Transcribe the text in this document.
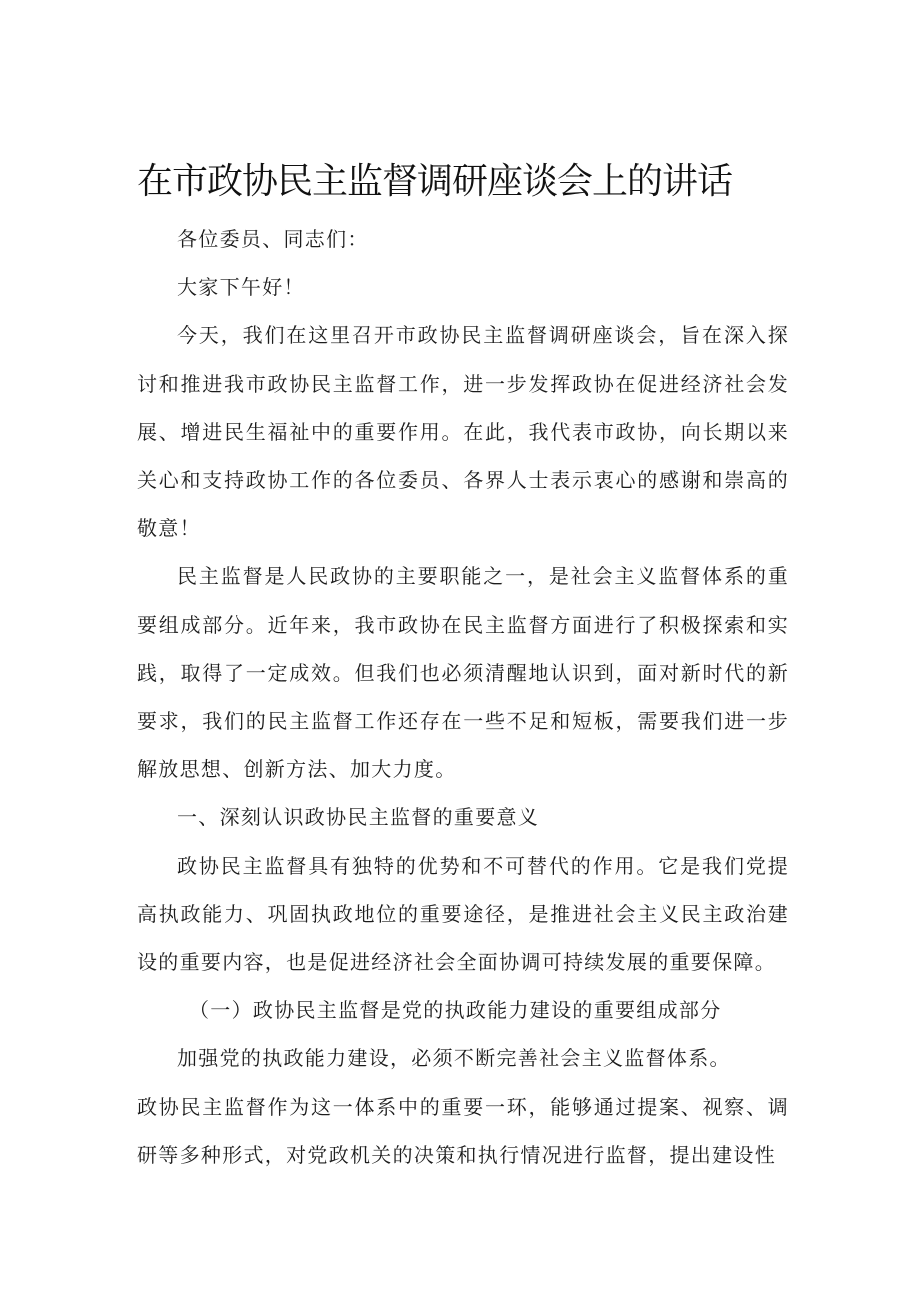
在市政协民主监督调研座谈会上的讲话

各位委员、同志们：

大家下午好！

今天，我们在这里召开市政协民主监督调研座谈会，旨在深入探讨和推进我市政协民主监督工作，进一步发挥政协在促进经济社会发展、增进民生福祉中的重要作用。在此，我代表市政协，向长期以来关心和支持政协工作的各位委员、各界人士表示衷心的感谢和崇高的敬意！

民主监督是人民政协的主要职能之一，是社会主义监督体系的重要组成部分。近年来，我市政协在民主监督方面进行了积极探索和实践，取得了一定成效。但我们也必须清醒地认识到，面对新时代的新要求，我们的民主监督工作还存在一些不足和短板，需要我们进一步解放思想、创新方法、加大力度。

一、深刻认识政协民主监督的重要意义

政协民主监督具有独特的优势和不可替代的作用。它是我们党提高执政能力、巩固执政地位的重要途径，是推进社会主义民主政治建设的重要内容，也是促进经济社会全面协调可持续发展的重要保障。

（一）政协民主监督是党的执政能力建设的重要组成部分

加强党的执政能力建设，必须不断完善社会主义监督体系。

政协民主监督作为这一体系中的重要一环，能够通过提案、视察、调研等多种形式，对党政机关的决策和执行情况进行监督，提出建设性
